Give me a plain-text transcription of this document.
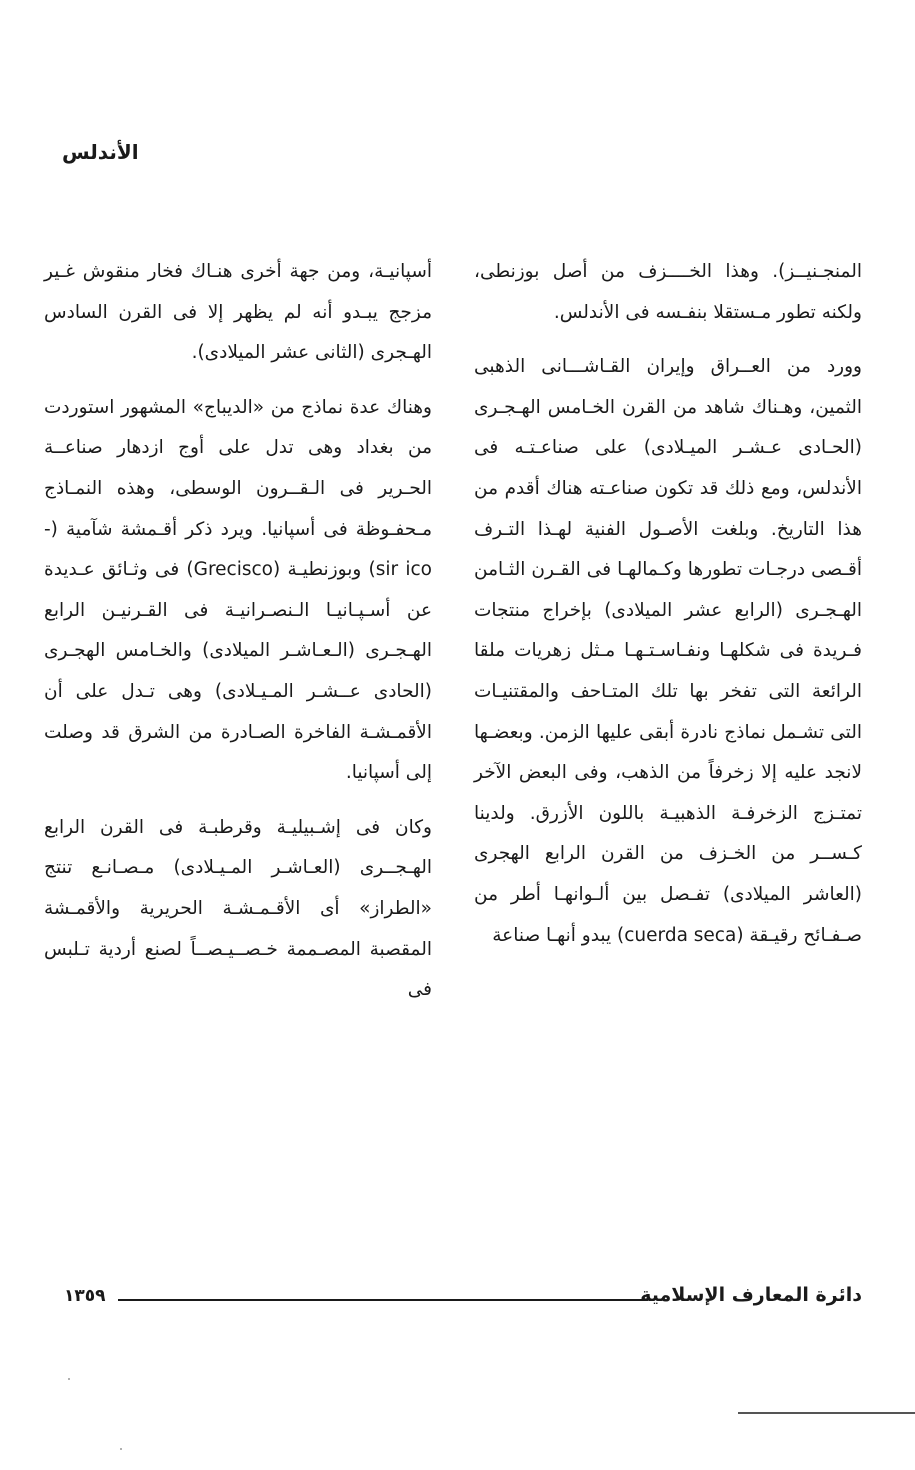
الأندلس

المنجـنيــز). وهذا الخــــزف من أصل بوزنطى، ولكنه تطور مـستقلا بنفـسه فى الأندلس.

وورد من العــراق وإيران القـاشـــانى الذهبى الثمين، وهـناك شاهد من القرن الخـامس الهـجـرى (الحـادى عـشـر الميـلادى) على صناعـتـه فى الأندلس، ومع ذلك قد تكون صناعـته هناك أقدم من هذا التاريخ. وبلغت الأصـول الفنية لهـذا التـرف أقـصى درجـات تطورها وكـمالهـا فى القـرن الثـامن الهـجـرى (الرابع عشر الميلادى) بإخراج منتجات فـريدة فى شكلهـا ونفـاسـتـهـا مـثل زهريات ملقا الرائعة التى تفخر بها تلك المتـاحف والمقتنيـات التى تشـمل نماذج نادرة أبقى عليها الزمن. وبعضـها لانجد عليه إلا زخرفاً من الذهب، وفى البعض الآخر تمتـزج الزخرفـة الذهبيـة باللون الأزرق. ولدينا كـســر من الخـزف من القرن الرابع الهجرى (العاشر الميلادى) تفـصل بين ألـوانهـا أطر من صـفـائح رقيـقة (cuerda seca) يبدو أنهـا صناعة

أسپانيـة، ومن جهة أخرى هنـاك فخار منقوش غـير مزجج يبـدو أنه لم يظهر إلا فى القرن السادس الهـجرى (الثانى عشر الميلادى).

وهناك عدة نماذج من «الديباج» المشهور استوردت من بغداد وهى تدل على أوج ازدهار صناعــة الحـرير فى الـقــرون الوسطى، وهذه النمـاذج مـحفـوظة فى أسپانيا. ويرد ذكر أقـمشة شآمية (-sir ico) وبوزنطيـة (Grecisco) فى وثـائق عـديدة عن أسـپـانيـا الـنصـرانيـة فى القـرنيـن الرابع الهـجـرى (الـعـاشـر الميلادى) والخـامس الهجـرى (الحادى عــشـر المـيـلادى) وهى تـدل على أن الأقمـشـة الفاخرة الصـادرة من الشرق قد وصلت إلى أسپانيا.

وكان فى إشـبيليـة وقرطبـة فى القرن الرابع الهـجــرى (العـاشـر المـيـلادى) مـصـانـع تنتج «الطراز» أى الأقـمـشـة الحريرية والأقمـشة المقصبة المصـممة خـصــيـصــاً لصنع أردية تـلبس فى

دائرة المعارف الإسلامية
١٣٥٩
